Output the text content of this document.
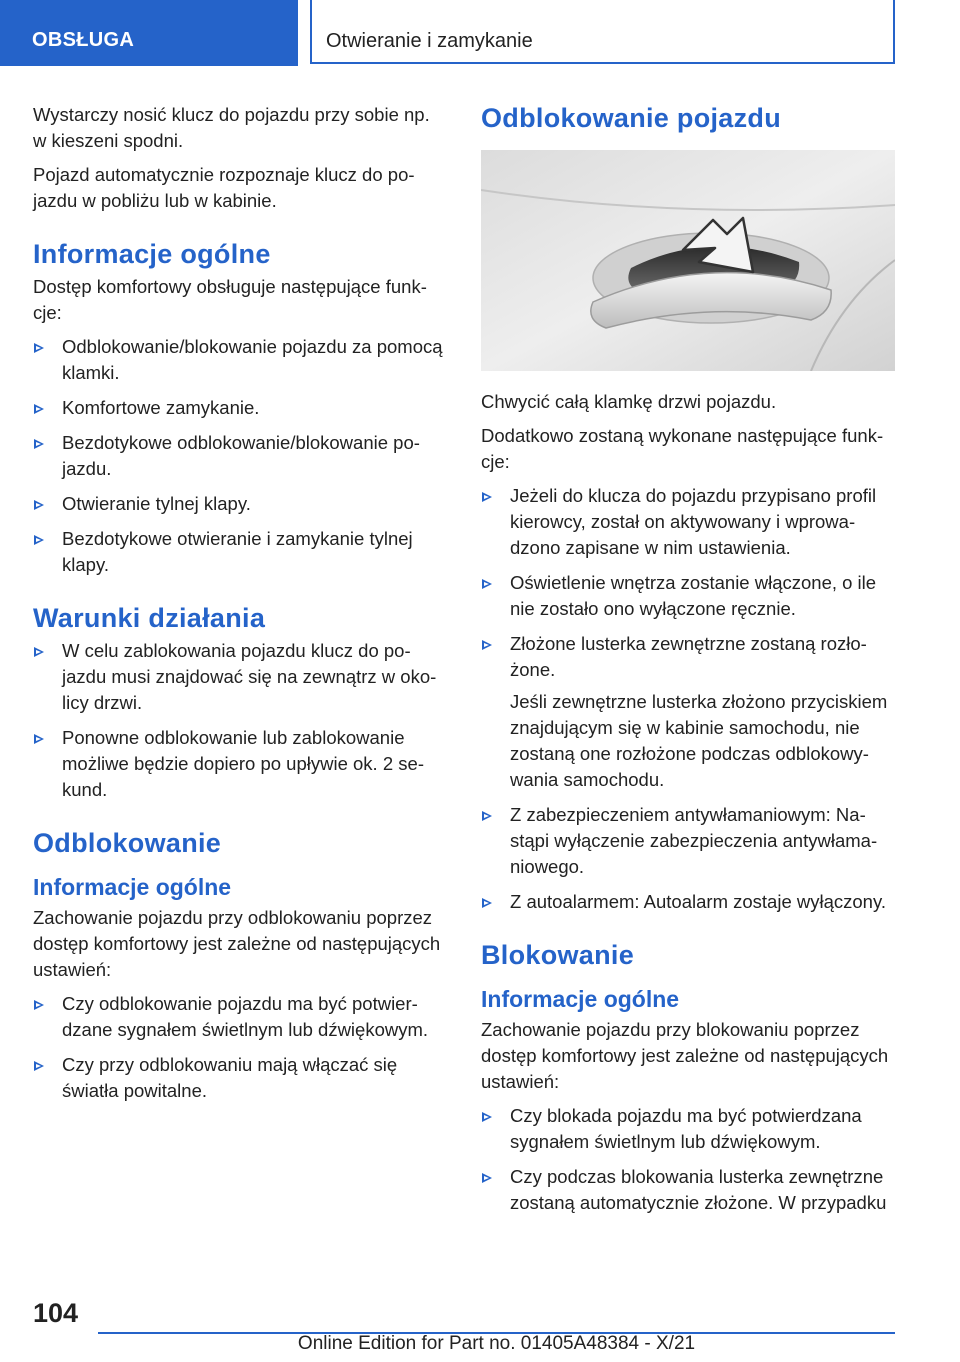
OBSŁUGA	Otwieranie i zamykanie

Wystarczy nosić klucz do pojazdu przy sobie np. w kieszeni spodni.

Pojazd automatycznie rozpoznaje klucz do pojazdu w pobliżu lub w kabinie.

Informacje ogólne

Dostęp komfortowy obsługuje następujące funkcje:

Odblokowanie/blokowanie pojazdu za pomocą klamki.
Komfortowe zamykanie.
Bezdotykowe odblokowanie/blokowanie pojazdu.
Otwieranie tylnej klapy.
Bezdotykowe otwieranie i zamykanie tylnej klapy.
Warunki działania
W celu zablokowania pojazdu klucz do pojazdu musi znajdować się na zewnątrz w okolicy drzwi.
Ponowne odblokowanie lub zablokowanie możliwe będzie dopiero po upływie ok. 2 sekund.
Odblokowanie
Informacje ogólne

Zachowanie pojazdu przy odblokowaniu poprzez dostęp komfortowy jest zależne od następujących ustawień:

Czy odblokowanie pojazdu ma być potwierdzane sygnałem świetlnym lub dźwiękowym.
Czy przy odblokowaniu mają włączać się światła powitalne.
Odblokowanie pojazdu

Chwycić całą klamkę drzwi pojazdu.

Dodatkowo zostaną wykonane następujące funkcje:

Jeżeli do klucza do pojazdu przypisano profil kierowcy, został on aktywowany i wprowadzono zapisane w nim ustawienia.
Oświetlenie wnętrza zostanie włączone, o ile nie zostało ono wyłączone ręcznie.
Złożone lusterka zewnętrzne zostaną rozłożone.

Jeśli zewnętrzne lusterka złożono przyciskiem znajdującym się w kabinie samochodu, nie zostaną one rozłożone podczas odblokowywania samochodu.

Z zabezpieczeniem antywłamaniowym: Nastąpi wyłączenie zabezpieczenia antywłamaniowego.
Z autoalarmem: Autoalarm zostaje wyłączony.
Blokowanie
Informacje ogólne

Zachowanie pojazdu przy blokowaniu poprzez dostęp komfortowy jest zależne od następujących ustawień:

Czy blokada pojazdu ma być potwierdzana sygnałem świetlnym lub dźwiękowym.
Czy podczas blokowania lusterka zewnętrzne zostaną automatycznie złożone. W przypadku
104
Online Edition for Part no. 01405A48384 - X/21
